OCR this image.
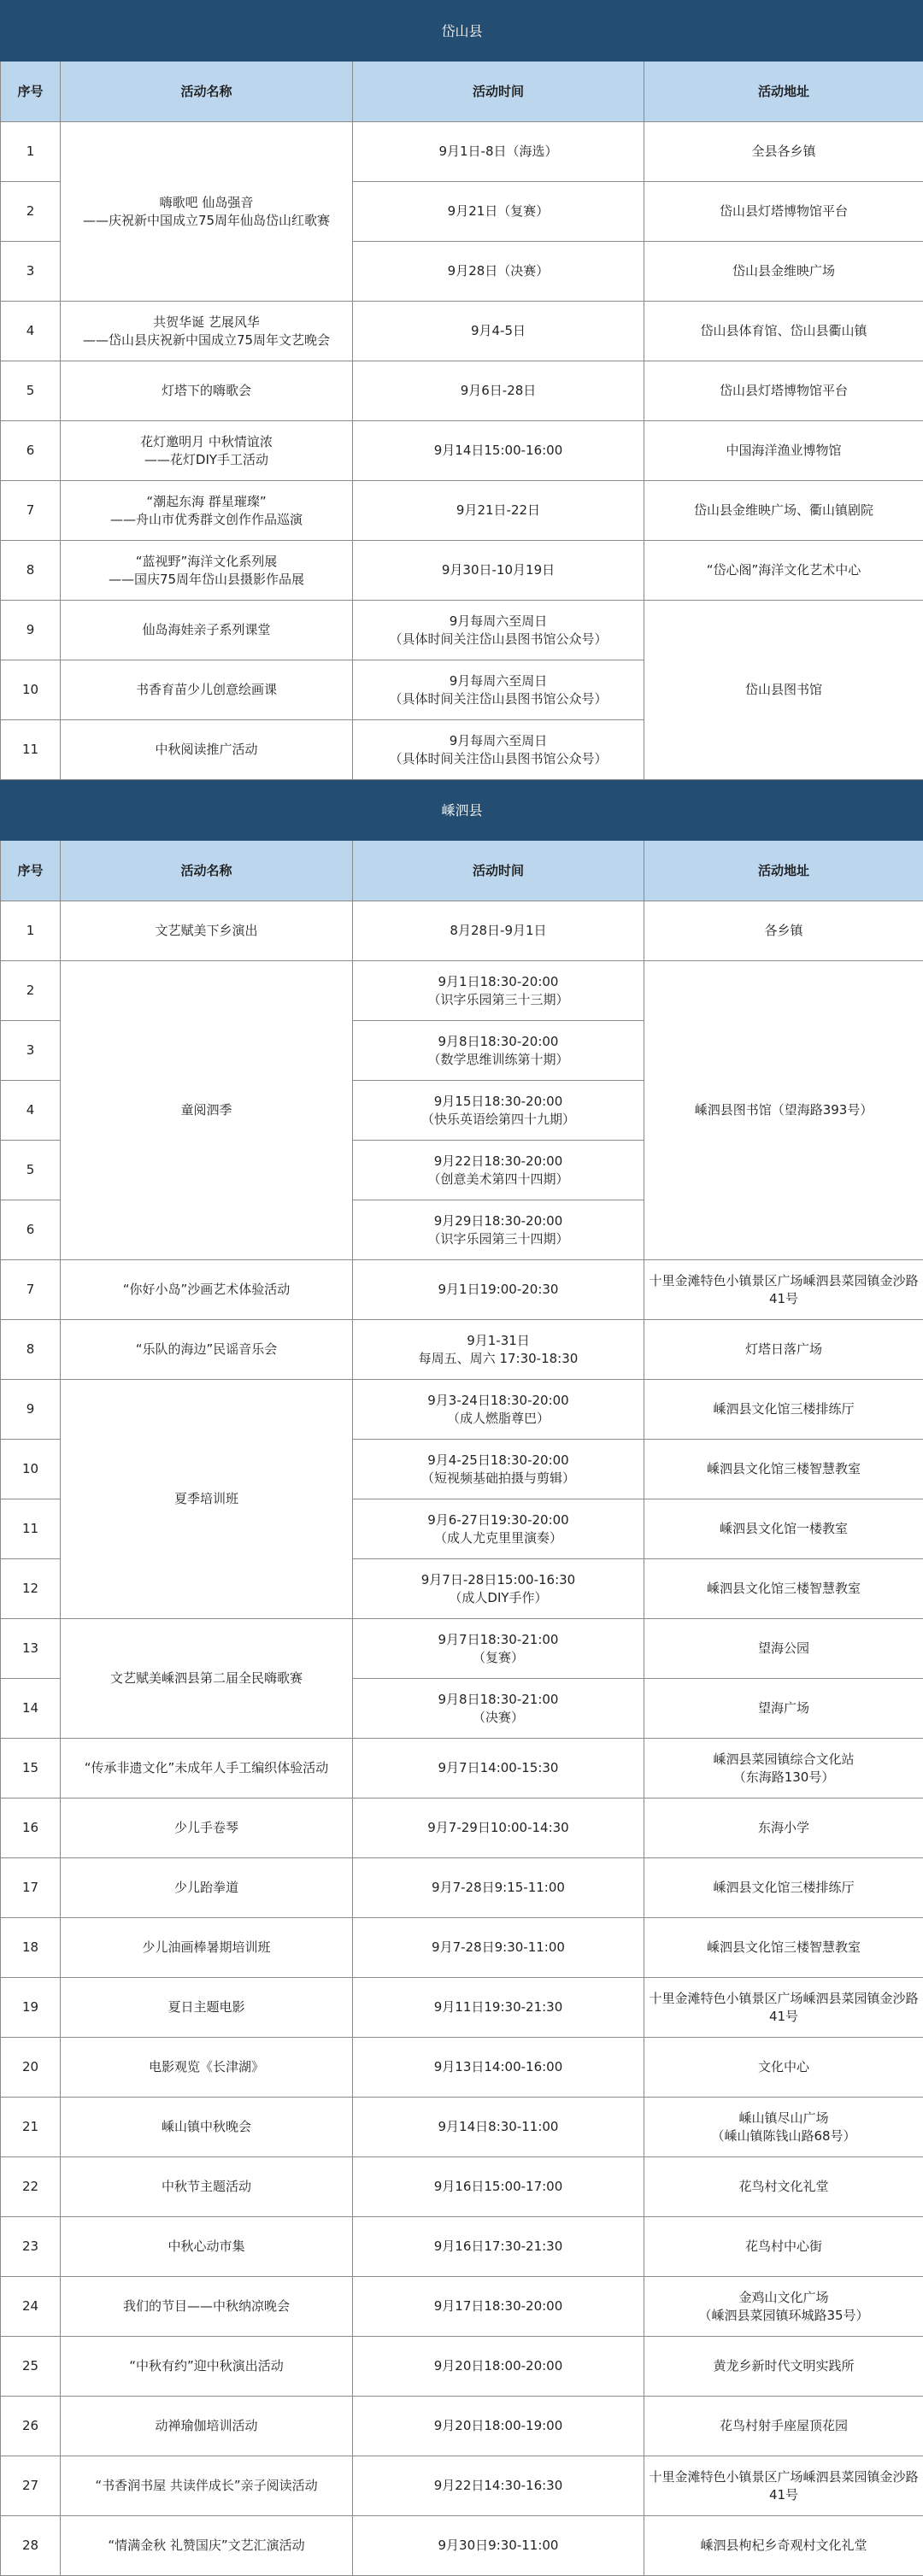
岱山县			
序号	活动名称	活动时间	活动地址
1	嗨歌吧 仙岛强音
——庆祝新中国成立75周年仙岛岱山红歌赛	9月1日-8日（海选）	全县各乡镇
2		9月21日（复赛）	岱山县灯塔博物馆平台
3		9月28日（决赛）	岱山县金维映广场
4	共贺华诞 艺展风华
——岱山县庆祝新中国成立75周年文艺晚会	9月4-5日	岱山县体育馆、岱山县衢山镇
5	灯塔下的嗨歌会	9月6日-28日	岱山县灯塔博物馆平台
6	花灯邀明月 中秋情谊浓
——花灯DIY手工活动	9月14日15:00-16:00	中国海洋渔业博物馆
7	“潮起东海 群星璀璨”
——舟山市优秀群文创作作品巡演	9月21日-22日	岱山县金维映广场、衢山镇剧院
8	“蓝视野”海洋文化系列展
——国庆75周年岱山县摄影作品展	9月30日-10月19日	“岱心阁”海洋文化艺术中心
9	仙岛海娃亲子系列课堂	9月每周六至周日
（具体时间关注岱山县图书馆公众号）	岱山县图书馆
10	书香育苗少儿创意绘画课	9月每周六至周日
（具体时间关注岱山县图书馆公众号）	
11	中秋阅读推广活动	9月每周六至周日
（具体时间关注岱山县图书馆公众号）	
嵊泗县			
序号	活动名称	活动时间	活动地址
1	文艺赋美下乡演出	8月28日-9月1日	各乡镇
2	童阅泗季	9月1日18:30-20:00
（识字乐园第三十三期）	嵊泗县图书馆（望海路393号）
3		9月8日18:30-20:00
（数学思维训练第十期）	
4		9月15日18:30-20:00
（快乐英语绘第四十九期）	
5		9月22日18:30-20:00
（创意美术第四十四期）	
6		9月29日18:30-20:00
（识字乐园第三十四期）	
7	“你好小岛”沙画艺术体验活动	9月1日19:00-20:30	十里金滩特色小镇景区广场嵊泗县菜园镇金沙路41号
8	“乐队的海边”民谣音乐会	9月1-31日
每周五、周六 17:30-18:30	灯塔日落广场
9	夏季培训班	9月3-24日18:30-20:00
（成人燃脂尊巴）	嵊泗县文化馆三楼排练厅
10		9月4-25日18:30-20:00
（短视频基础拍摄与剪辑）	嵊泗县文化馆三楼智慧教室
11		9月6-27日19:30-20:00
（成人尤克里里演奏）	嵊泗县文化馆一楼教室
12		9月7日-28日15:00-16:30
（成人DIY手作）	嵊泗县文化馆三楼智慧教室
13	文艺赋美嵊泗县第二届全民嗨歌赛	9月7日18:30-21:00
（复赛）	望海公园
14		9月8日18:30-21:00
（决赛）	望海广场
15	“传承非遗文化”未成年人手工编织体验活动	9月7日14:00-15:30	嵊泗县菜园镇综合文化站
（东海路130号）
16	少儿手卷琴	9月7-29日10:00-14:30	东海小学
17	少儿跆拳道	9月7-28日9:15-11:00	嵊泗县文化馆三楼排练厅
18	少儿油画棒暑期培训班	9月7-28日9:30-11:00	嵊泗县文化馆三楼智慧教室
19	夏日主题电影	9月11日19:30-21:30	十里金滩特色小镇景区广场嵊泗县菜园镇金沙路41号
20	电影观览《长津湖》	9月13日14:00-16:00	文化中心
21	嵊山镇中秋晚会	9月14日8:30-11:00	嵊山镇尽山广场
（嵊山镇陈钱山路68号）
22	中秋节主题活动	9月16日15:00-17:00	花鸟村文化礼堂
23	中秋心动市集	9月16日17:30-21:30	花鸟村中心街
24	我们的节目——中秋纳凉晚会	9月17日18:30-20:00	金鸡山文化广场
（嵊泗县菜园镇环城路35号）
25	“中秋有约”迎中秋演出活动	9月20日18:00-20:00	黄龙乡新时代文明实践所
26	动禅瑜伽培训活动	9月20日18:00-19:00	花鸟村射手座屋顶花园
27	“书香润书屋 共读伴成长”亲子阅读活动	9月22日14:30-16:30	十里金滩特色小镇景区广场嵊泗县菜园镇金沙路41号
28	“情满金秋 礼赞国庆”文艺汇演活动	9月30日9:30-11:00	嵊泗县枸杞乡奇观村文化礼堂
